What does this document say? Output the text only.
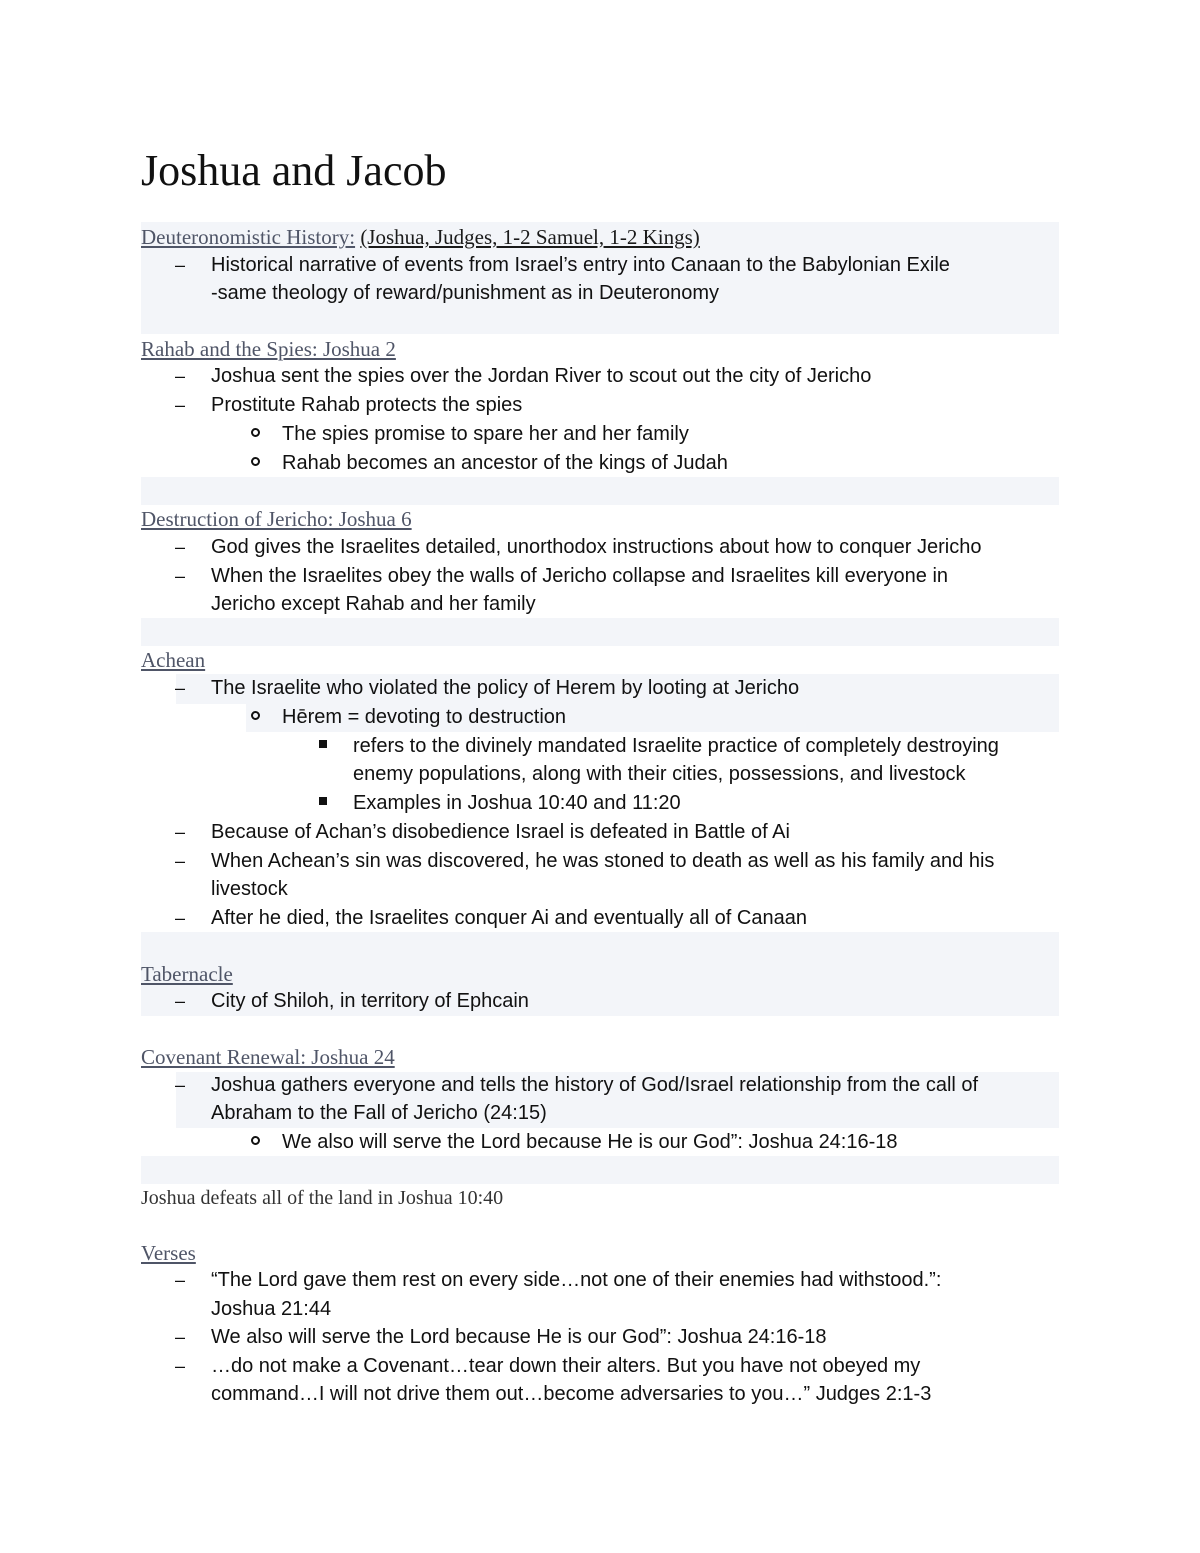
Joshua and Jacob
Deuteronomistic History: (Joshua, Judges, 1-2 Samuel, 1-2 Kings)
– Historical narrative of events from Israel’s entry into Canaan to the Babylonian Exile
-same theology of reward/punishment as in Deuteronomy
Rahab and the Spies: Joshua 2
– Joshua sent the spies over the Jordan River to scout out the city of Jericho
– Prostitute Rahab protects the spies
The spies promise to spare her and her family
Rahab becomes an ancestor of the kings of Judah
Destruction of Jericho: Joshua 6
– God gives the Israelites detailed, unorthodox instructions about how to conquer Jericho
– When the Israelites obey the walls of Jericho collapse and Israelites kill everyone in
Jericho except Rahab and her family
Achean
– The Israelite who violated the policy of Herem by looting at Jericho
Hērem = devoting to destruction
refers to the divinely mandated Israelite practice of completely destroying
enemy populations, along with their cities, possessions, and livestock
Examples in Joshua 10:40 and 11:20
– Because of Achan’s disobedience Israel is defeated in Battle of Ai
– When Achean’s sin was discovered, he was stoned to death as well as his family and his
livestock
– After he died, the Israelites conquer Ai and eventually all of Canaan
Tabernacle
– City of Shiloh, in territory of Ephcain
Covenant Renewal: Joshua 24
– Joshua gathers everyone and tells the history of God/Israel relationship from the call of
Abraham to the Fall of Jericho (24:15)
We also will serve the Lord because He is our God”: Joshua 24:16-18
Joshua defeats all of the land in Joshua 10:40
Verses
– “The Lord gave them rest on every side…not one of their enemies had withstood.”:
Joshua 21:44
– We also will serve the Lord because He is our God”: Joshua 24:16-18
– …do not make a Covenant…tear down their alters. But you have not obeyed my
command…I will not drive them out…become adversaries to you…” Judges 2:1-3
